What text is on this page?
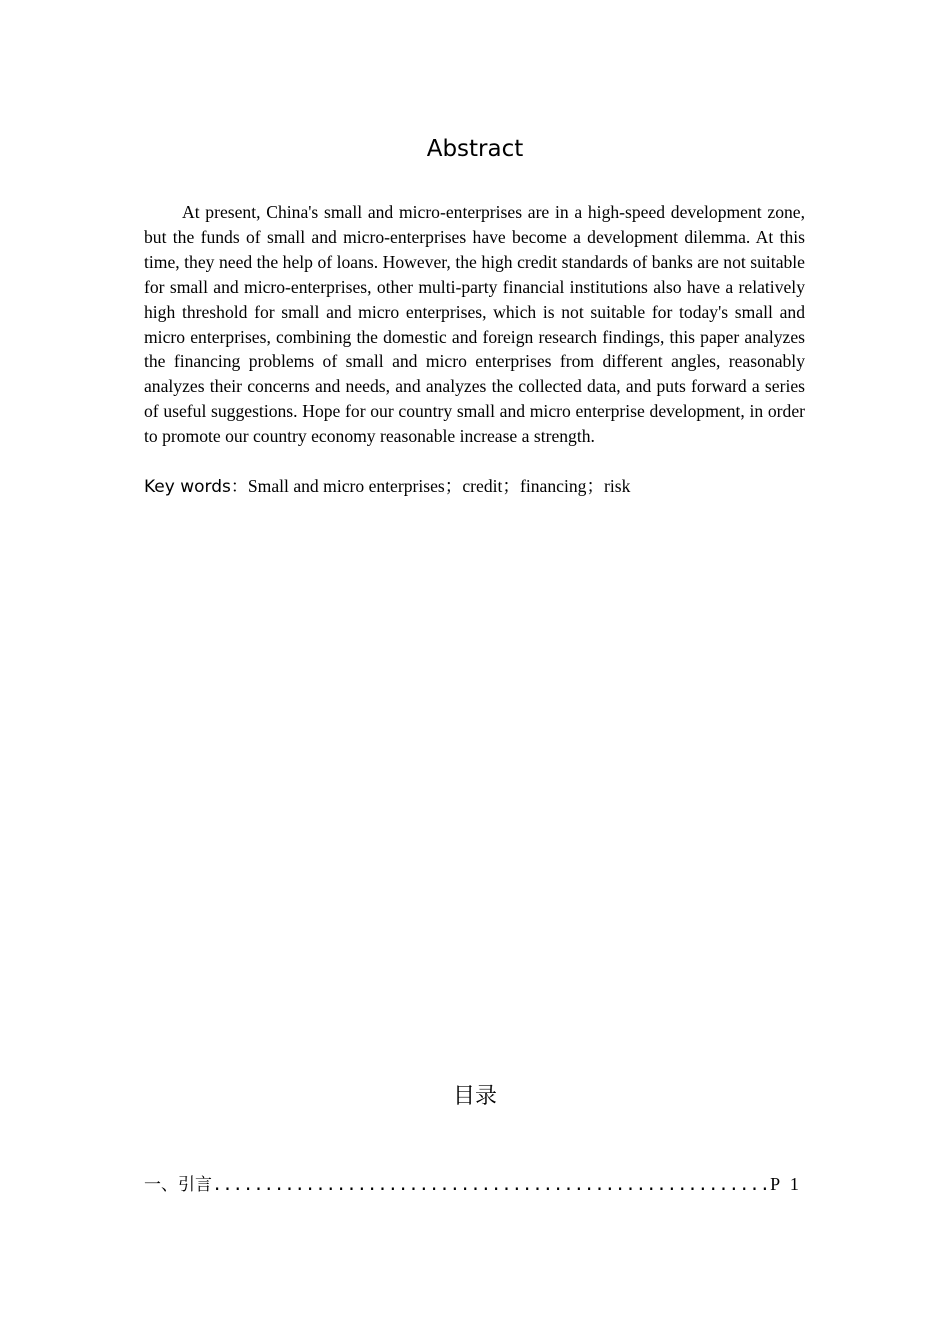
Abstract

At present, China's small and micro-enterprises are in a high-speed development zone, but the funds of small and micro-enterprises have become a development dilemma. At this time, they need the help of loans. However, the high credit standards of banks are not suitable for small and micro-enterprises, other multi-party financial institutions also have a relatively high threshold for small and micro enterprises, which is not suitable for today's small and micro enterprises, combining the domestic and foreign research findings, this paper analyzes the financing problems of small and micro enterprises from different angles, reasonably analyzes their concerns and needs, and analyzes the collected data, and puts forward a series of useful suggestions. Hope for our country small and micro enterprise development, in order to promote our country economy reasonable increase a strength.

Key words：Small and micro enterprises；credit；financing；risk
目录
一、引言......................................................P 1
